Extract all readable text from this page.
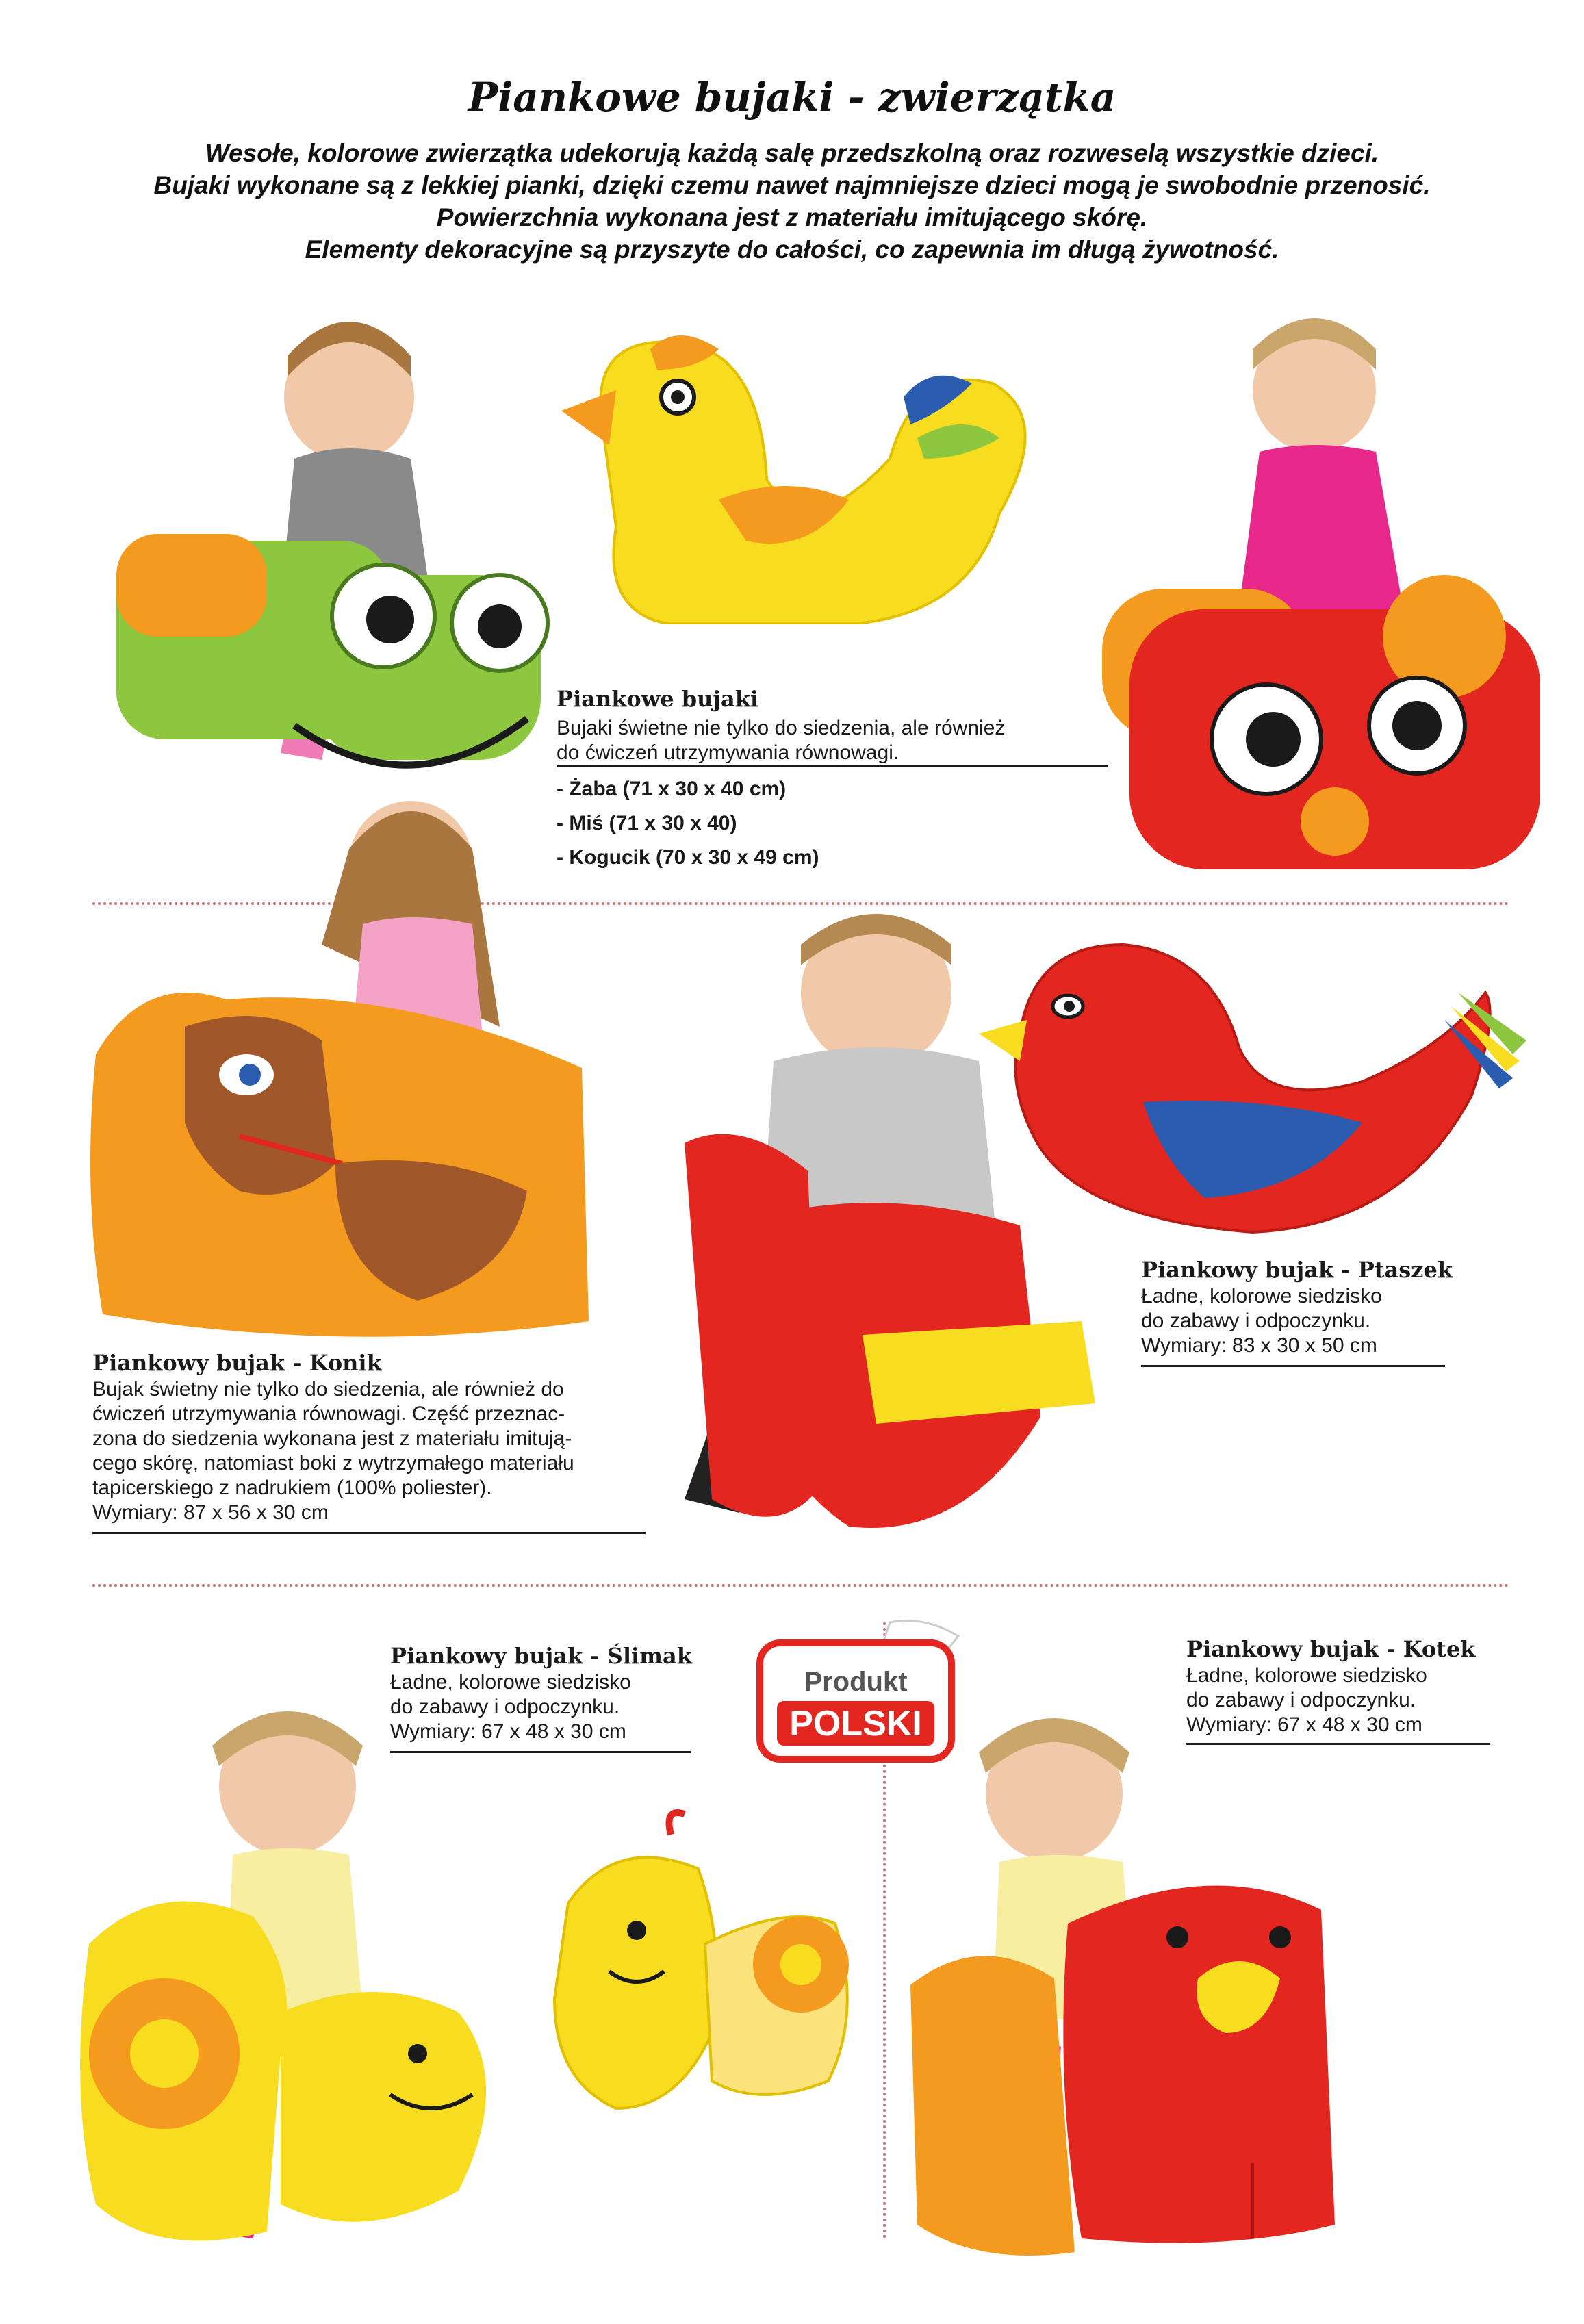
Piankowe bujaki - zwierzątka
Wesołe, kolorowe zwierzątka udekorują każdą salę przedszkolną oraz rozweselą wszystkie dzieci.
Bujaki wykonane są z lekkiej pianki, dzięki czemu nawet najmniejsze dzieci mogą je swobodnie przenosić.
Powierzchnia wykonana jest z materiału imitującego skórę.
Elementy dekoracyjne są przyszyte do całości, co zapewnia im długą żywotność.
Piankowe bujaki
Bujaki świetne nie tylko do siedzenia, ale również
do ćwiczeń utrzymywania równowagi.
- Żaba (71 x 30 x 40 cm)
- Miś (71 x 30 x 40)
- Kogucik (70 x 30 x 49 cm)
Piankowy bujak - Konik
Bujak świetny nie tylko do siedzenia, ale również do
ćwiczeń utrzymywania równowagi. Część przeznac-
zona do siedzenia wykonana jest z materiału imitują-
cego skórę, natomiast boki z wytrzymałego materiału
tapicerskiego z nadrukiem (100% poliester).
Wymiary: 87 x 56 x 30 cm
Piankowy bujak - Ptaszek
Ładne, kolorowe siedzisko
do zabawy i odpoczynku.
Wymiary: 83 x 30 x 50 cm
Piankowy bujak - Ślimak
Ładne, kolorowe siedzisko
do zabawy i odpoczynku.
Wymiary: 67 x 48 x 30 cm
Produkt
POLSKI
Piankowy bujak - Kotek
Ładne, kolorowe siedzisko
do zabawy i odpoczynku.
Wymiary: 67 x 48 x 30 cm
